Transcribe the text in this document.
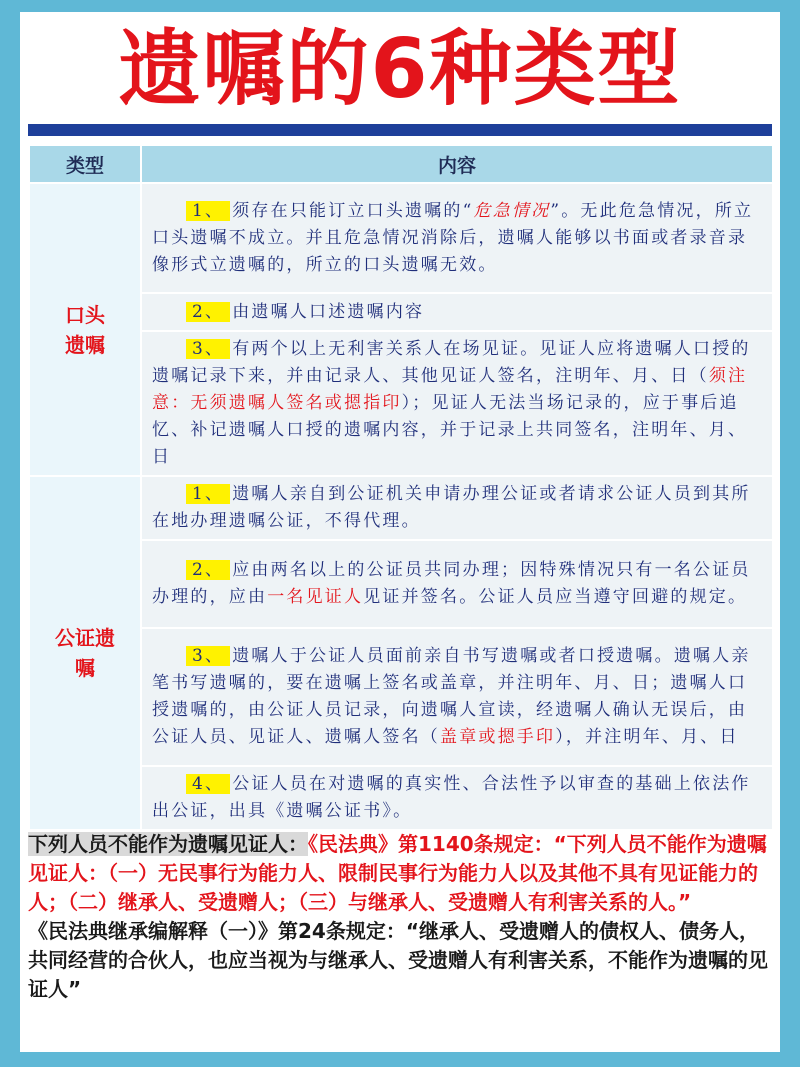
遗嘱的6种类型
类型	内容

口头
遗嘱	1、 须存在只能订立口头遗嘱的“危急情况”。无此危急情况，所立口头遗嘱不成立。并且危急情况消除后，遗嘱人能够以书面或者录音录像形式立遗嘱的，所立的口头遗嘱无效。
	2、 由遗嘱人口述遗嘱内容
	3、 有两个以上无利害关系人在场见证。见证人应将遗嘱人口授的遗嘱记录下来，并由记录人、其他见证人签名，注明年、月、日（须注意：无须遗嘱人签名或摁指印）；见证人无法当场记录的，应于事后追忆、补记遗嘱人口授的遗嘱内容，并于记录上共同签名，注明年、月、日

公证遗
嘱	1、 遗嘱人亲自到公证机关申请办理公证或者请求公证人员到其所在地办理遗嘱公证，不得代理。
	2、 应由两名以上的公证员共同办理；因特殊情况只有一名公证员办理的，应由一名见证人见证并签名。公证人员应当遵守回避的规定。
	3、 遗嘱人于公证人员面前亲自书写遗嘱或者口授遗嘱。遗嘱人亲笔书写遗嘱的，要在遗嘱上签名或盖章，并注明年、月、日；遗嘱人口授遗嘱的，由公证人员记录，向遗嘱人宣读，经遗嘱人确认无误后，由公证人员、见证人、遗嘱人签名（盖章或摁手印），并注明年、月、日
	4、 公证人员在对遗嘱的真实性、合法性予以审查的基础上依法作出公证，出具《遗嘱公证书》。
下列人员不能作为遗嘱见证人：《民法典》第1140条规定：“下列人员不能作为遗嘱见证人：（一）无民事行为能力人、限制民事行为能力人以及其他不具有见证能力的人；（二）继承人、受遗赠人；（三）与继承人、受遗赠人有利害关系的人。”
《民法典继承编解释（一）》第24条规定：“继承人、受遗赠人的债权人、债务人，共同经营的合伙人，也应当视为与继承人、受遗赠人有利害关系，不能作为遗嘱的见证人”
